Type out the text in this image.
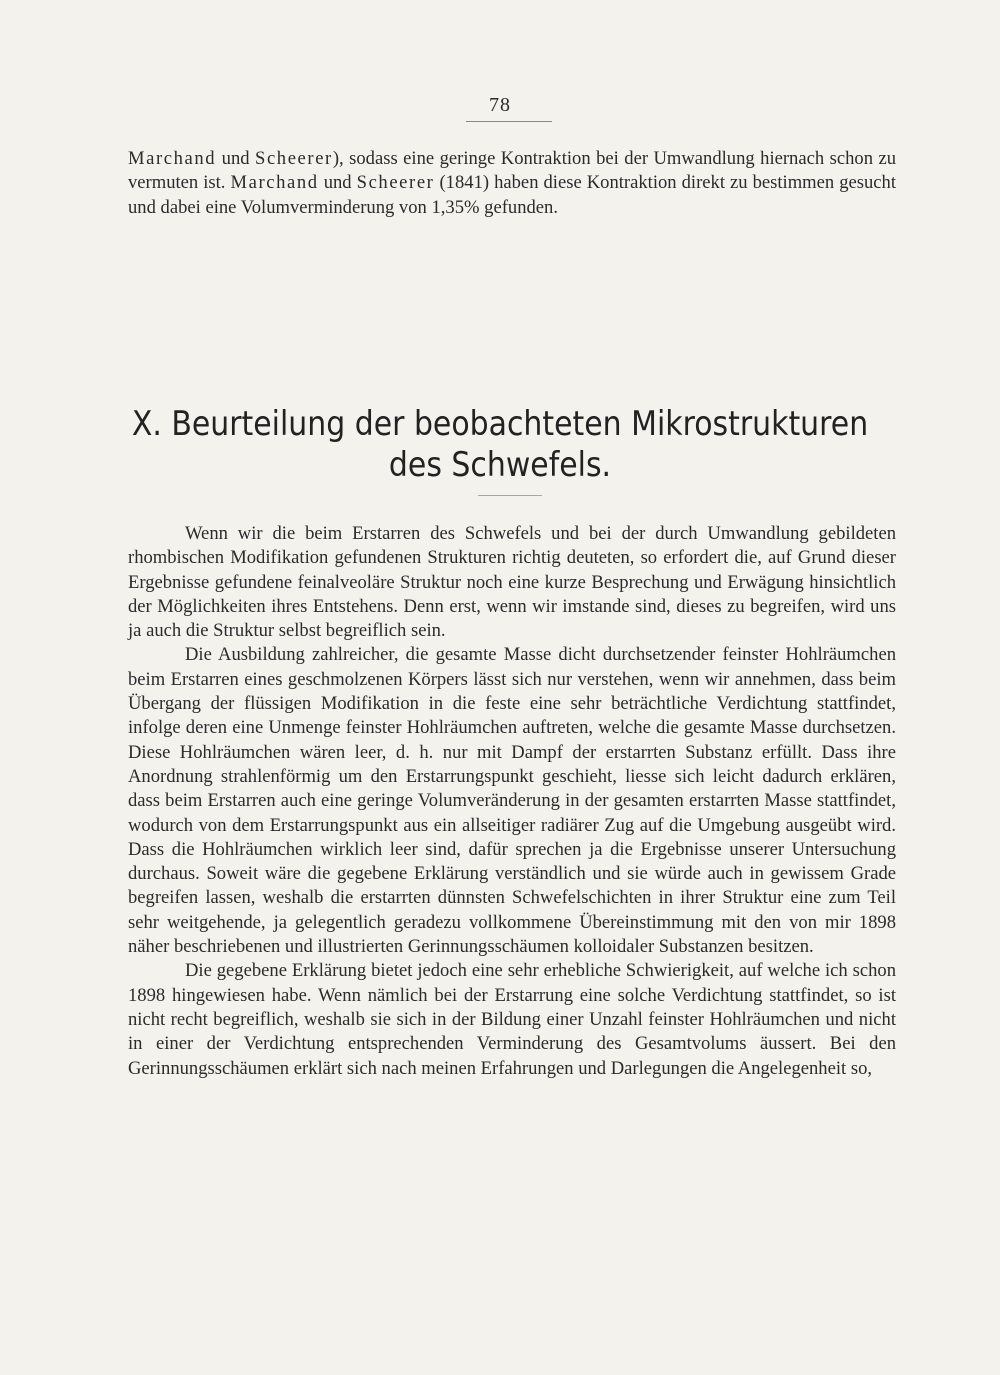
78

Marchand und Scheerer), sodass eine geringe Kontraktion bei der Umwandlung hiernach schon zu vermuten ist. Marchand und Scheerer (1841) haben diese Kontraktion direkt zu bestimmen gesucht und dabei eine Volumverminderung von 1,35% gefunden.

X. Beurteilung der beobachteten Mikrostrukturen
des Schwefels.

Wenn wir die beim Erstarren des Schwefels und bei der durch Umwandlung gebildeten rhombischen Modifikation gefundenen Strukturen richtig deuteten, so erfordert die, auf Grund dieser Ergebnisse gefundene feinalveoläre Struktur noch eine kurze Besprechung und Erwägung hinsichtlich der Möglichkeiten ihres Entstehens. Denn erst, wenn wir imstande sind, dieses zu begreifen, wird uns ja auch die Struktur selbst begreiflich sein.

Die Ausbildung zahlreicher, die gesamte Masse dicht durchsetzender feinster Hohlräumchen beim Erstarren eines geschmolzenen Körpers lässt sich nur verstehen, wenn wir annehmen, dass beim Übergang der flüssigen Modifikation in die feste eine sehr beträchtliche Verdichtung stattfindet, infolge deren eine Unmenge feinster Hohlräumchen auftreten, welche die gesamte Masse durchsetzen. Diese Hohlräumchen wären leer, d. h. nur mit Dampf der erstarrten Substanz erfüllt. Dass ihre Anordnung strahlenförmig um den Erstarrungspunkt geschieht, liesse sich leicht dadurch erklären, dass beim Erstarren auch eine geringe Volumveränderung in der gesamten erstarrten Masse stattfindet, wodurch von dem Erstarrungspunkt aus ein allseitiger radiärer Zug auf die Umgebung ausgeübt wird. Dass die Hohlräumchen wirklich leer sind, dafür sprechen ja die Ergebnisse unserer Untersuchung durchaus. Soweit wäre die gegebene Erklärung verständlich und sie würde auch in gewissem Grade begreifen lassen, weshalb die erstarrten dünnsten Schwefelschichten in ihrer Struktur eine zum Teil sehr weitgehende, ja gelegentlich geradezu vollkommene Übereinstimmung mit den von mir 1898 näher beschriebenen und illustrierten Gerinnungsschäumen kolloidaler Substanzen besitzen.

Die gegebene Erklärung bietet jedoch eine sehr erhebliche Schwierigkeit, auf welche ich schon 1898 hingewiesen habe. Wenn nämlich bei der Erstarrung eine solche Verdichtung stattfindet, so ist nicht recht begreiflich, weshalb sie sich in der Bildung einer Unzahl feinster Hohlräumchen und nicht in einer der Verdichtung entsprechenden Verminderung des Gesamtvolums äussert. Bei den Gerinnungsschäumen erklärt sich nach meinen Erfahrungen und Darlegungen die Angelegenheit so,
